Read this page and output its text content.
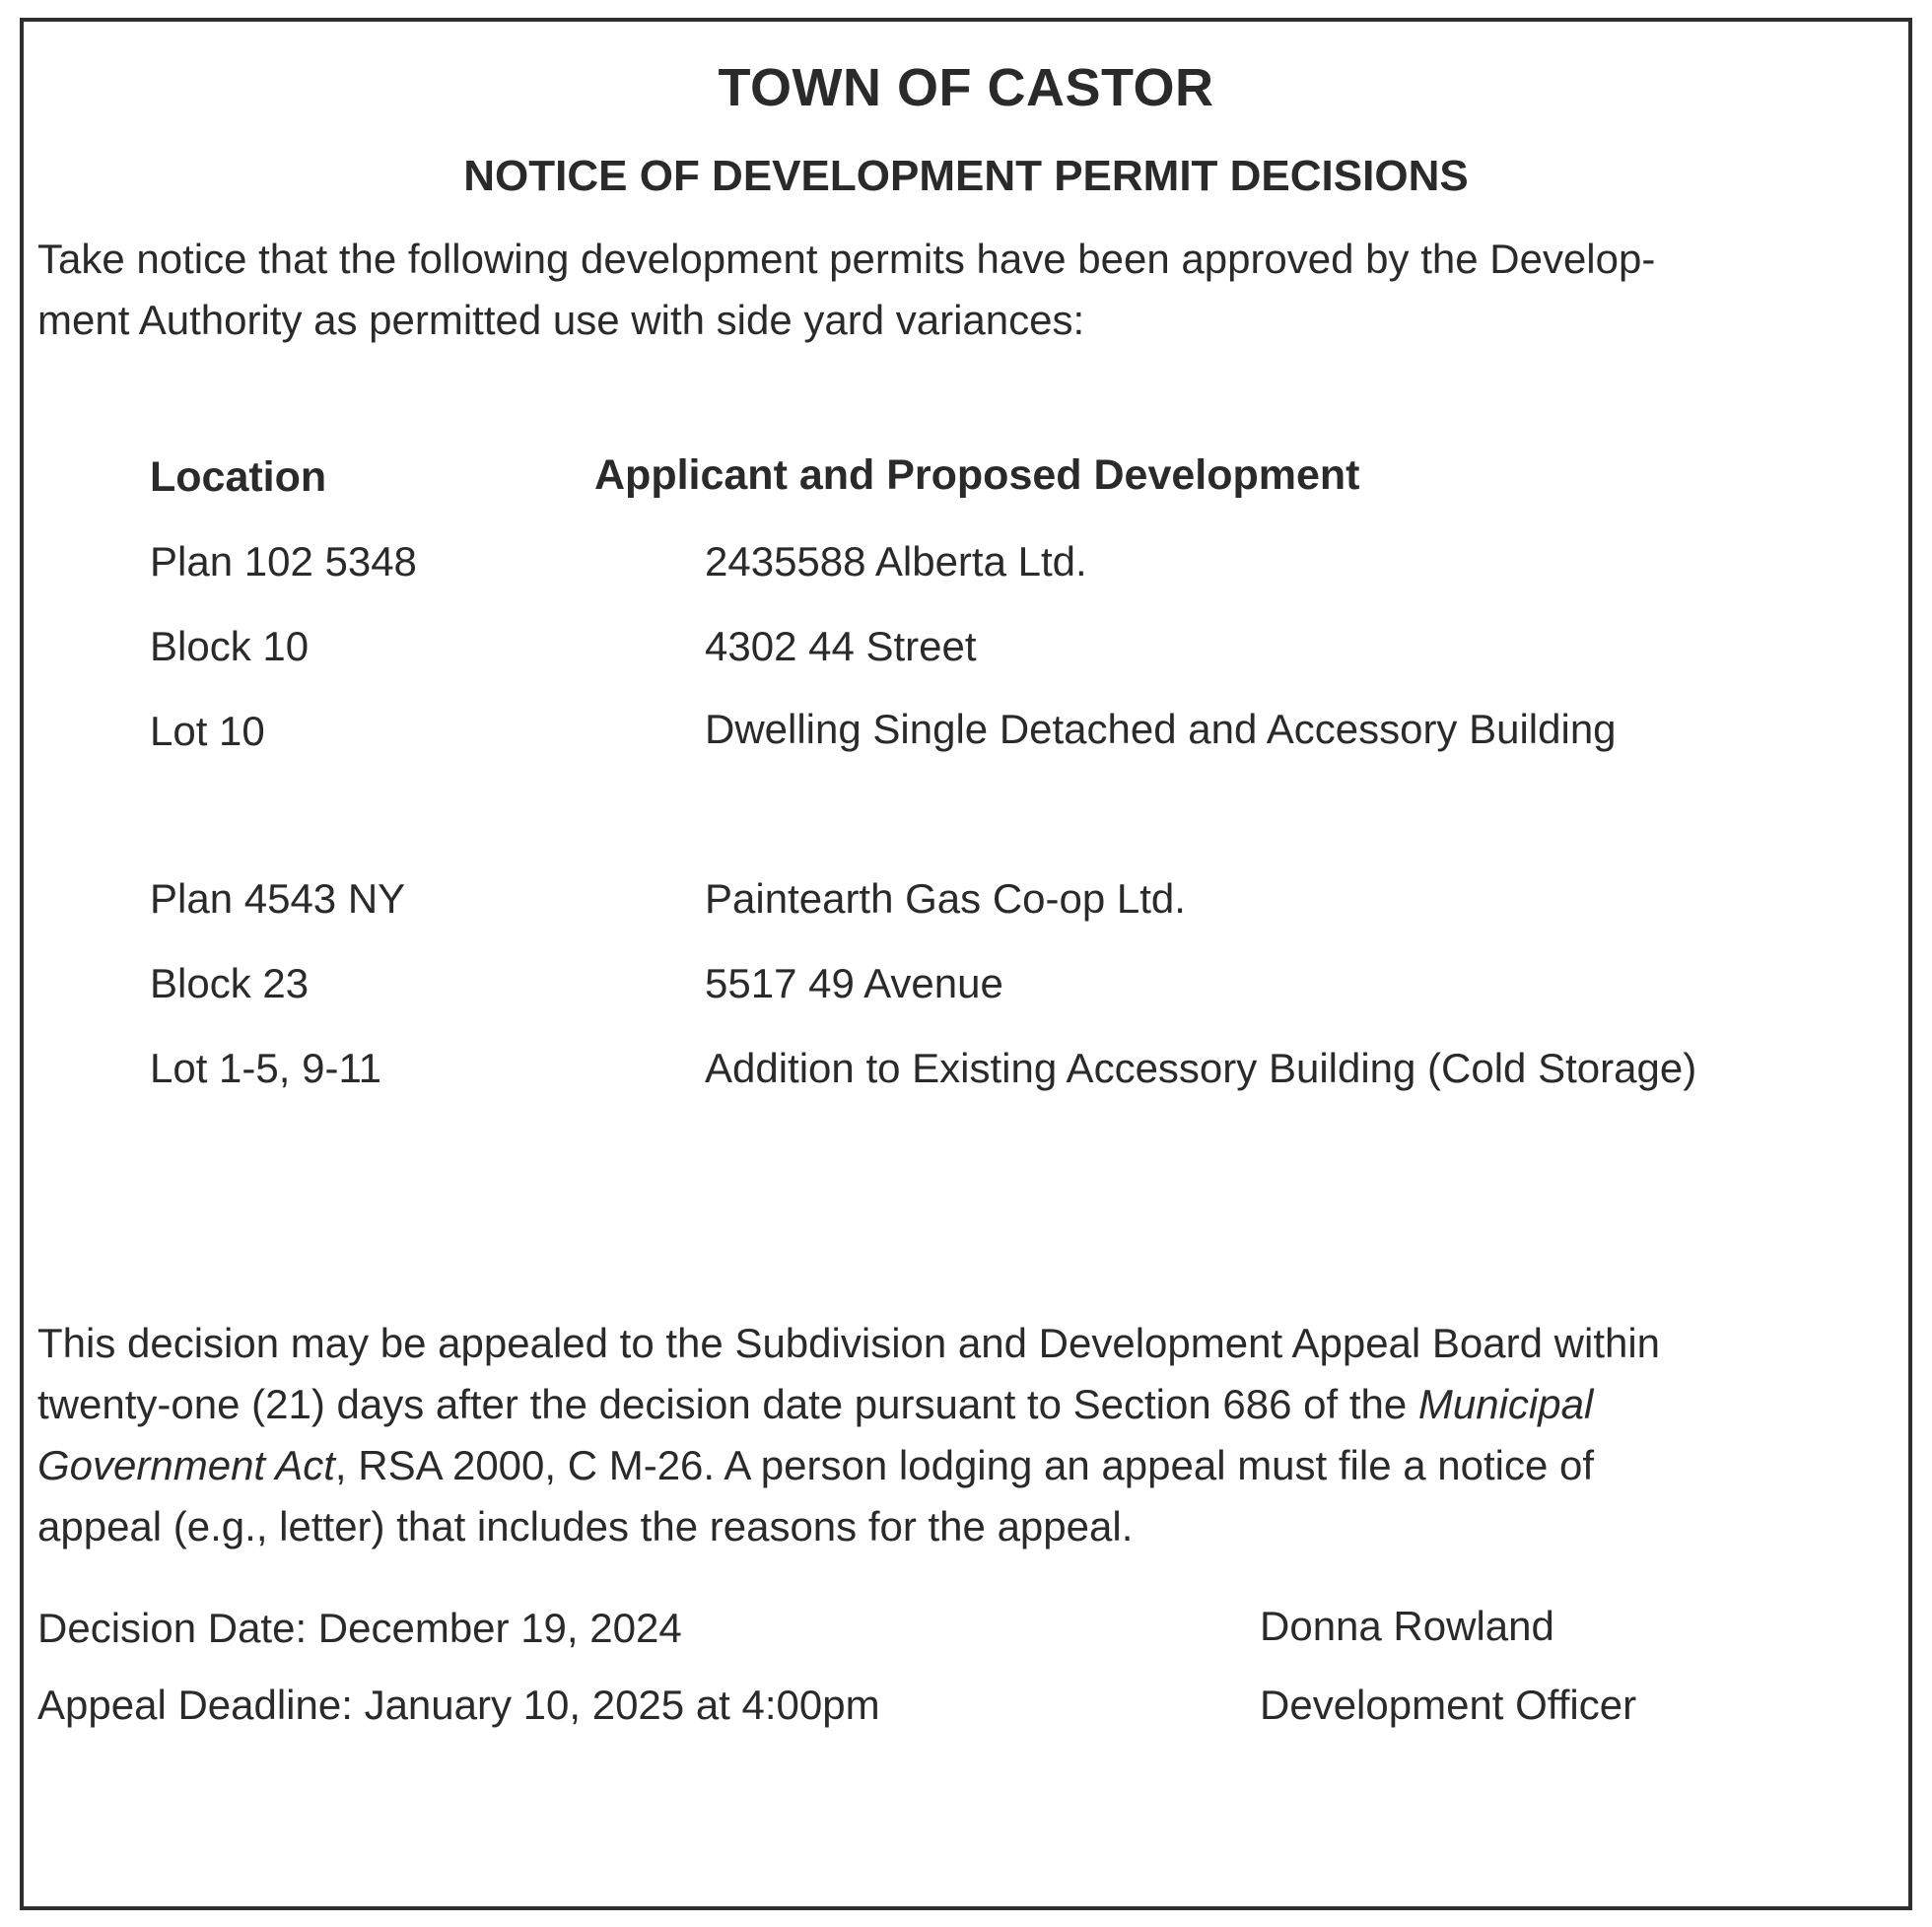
TOWN OF CASTOR
NOTICE OF DEVELOPMENT PERMIT DECISIONS
Take notice that the following development permits have been approved by the Develop-
ment Authority as permitted use with side yard variances:
Location	Applicant and Proposed Development
Plan 102 5348
Block 10
Lot 10
2435588 Alberta Ltd.
4302 44 Street
Dwelling Single Detached and Accessory Building
Plan 4543 NY
Block 23
Lot 1-5, 9-11
Paintearth Gas Co-op Ltd.
5517 49 Avenue
Addition to Existing Accessory Building (Cold Storage)
This decision may be appealed to the Subdivision and Development Appeal Board within
twenty-one (21) days after the decision date pursuant to Section 686 of the Municipal
Government Act, RSA 2000, C M-26. A person lodging an appeal must file a notice of
appeal (e.g., letter) that includes the reasons for the appeal.
Decision Date: December 19, 2024
Appeal Deadline: January 10, 2025 at 4:00pm
Donna Rowland
Development Officer
